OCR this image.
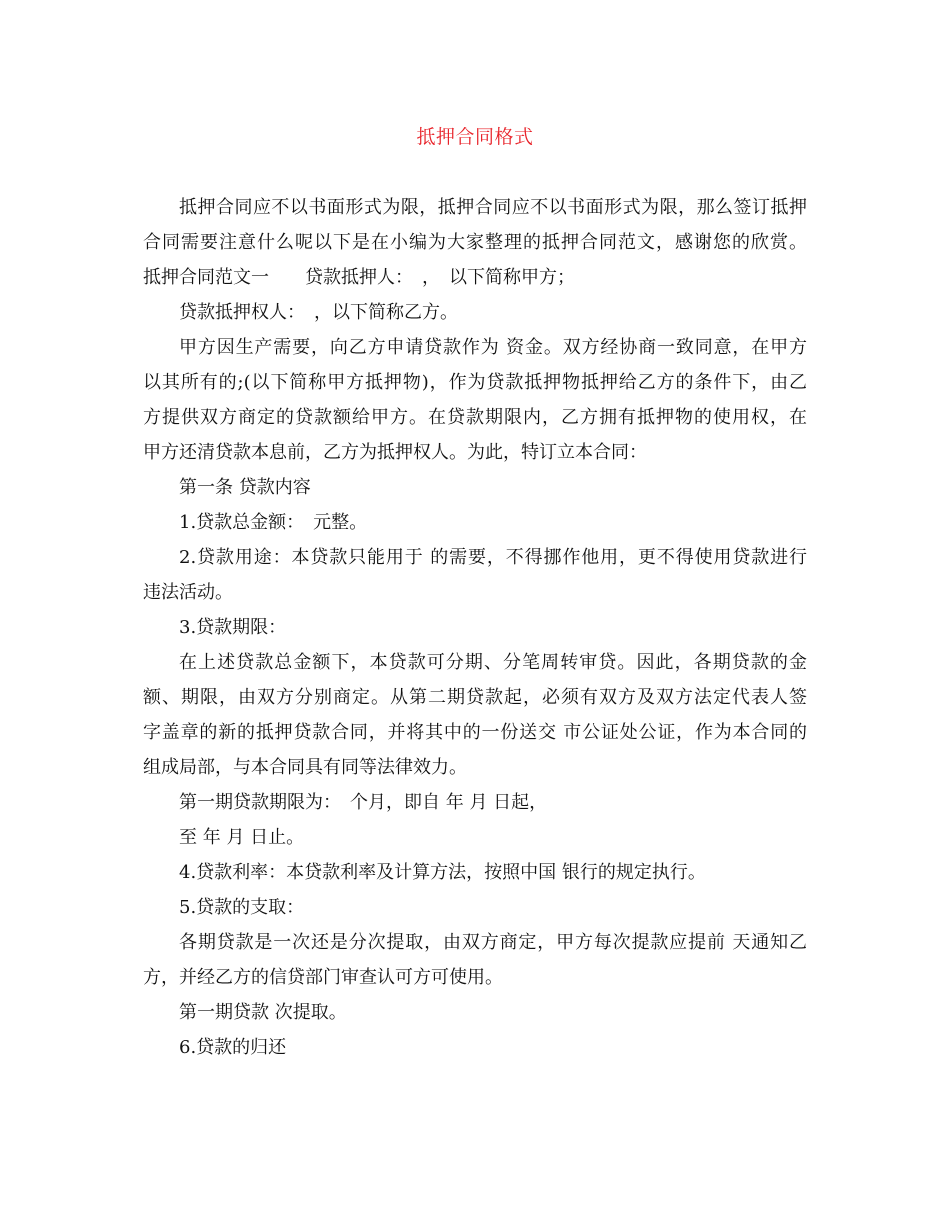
抵押合同格式

抵押合同应不以书面形式为限，抵押合同应不以书面形式为限，那么签订抵押

合同需要注意什么呢以下是在小编为大家整理的抵押合同范文，感谢您的欣赏。

抵押合同范文一　　贷款抵押人：　，　以下简称甲方；

贷款抵押权人：　，以下简称乙方。

甲方因生产需要，向乙方申请贷款作为 资金。双方经协商一致同意，在甲方

以其所有的;(以下简称甲方抵押物)，作为贷款抵押物抵押给乙方的条件下，由乙

方提供双方商定的贷款额给甲方。在贷款期限内，乙方拥有抵押物的使用权，在

甲方还清贷款本息前，乙方为抵押权人。为此，特订立本合同：

第一条 贷款内容

1.贷款总金额：　元整。

2.贷款用途：本贷款只能用于 的需要，不得挪作他用，更不得使用贷款进行

违法活动。

3.贷款期限：

在上述贷款总金额下，本贷款可分期、分笔周转审贷。因此，各期贷款的金

额、期限，由双方分别商定。从第二期贷款起，必须有双方及双方法定代表人签

字盖章的新的抵押贷款合同，并将其中的一份送交 市公证处公证，作为本合同的

组成局部，与本合同具有同等法律效力。

第一期贷款期限为：　个月，即自 年 月 日起，

至 年 月 日止。

4.贷款利率：本贷款利率及计算方法，按照中国 银行的规定执行。

5.贷款的支取：

各期贷款是一次还是分次提取，由双方商定，甲方每次提款应提前 天通知乙

方，并经乙方的信贷部门审查认可方可使用。

第一期贷款 次提取。

6.贷款的归还
